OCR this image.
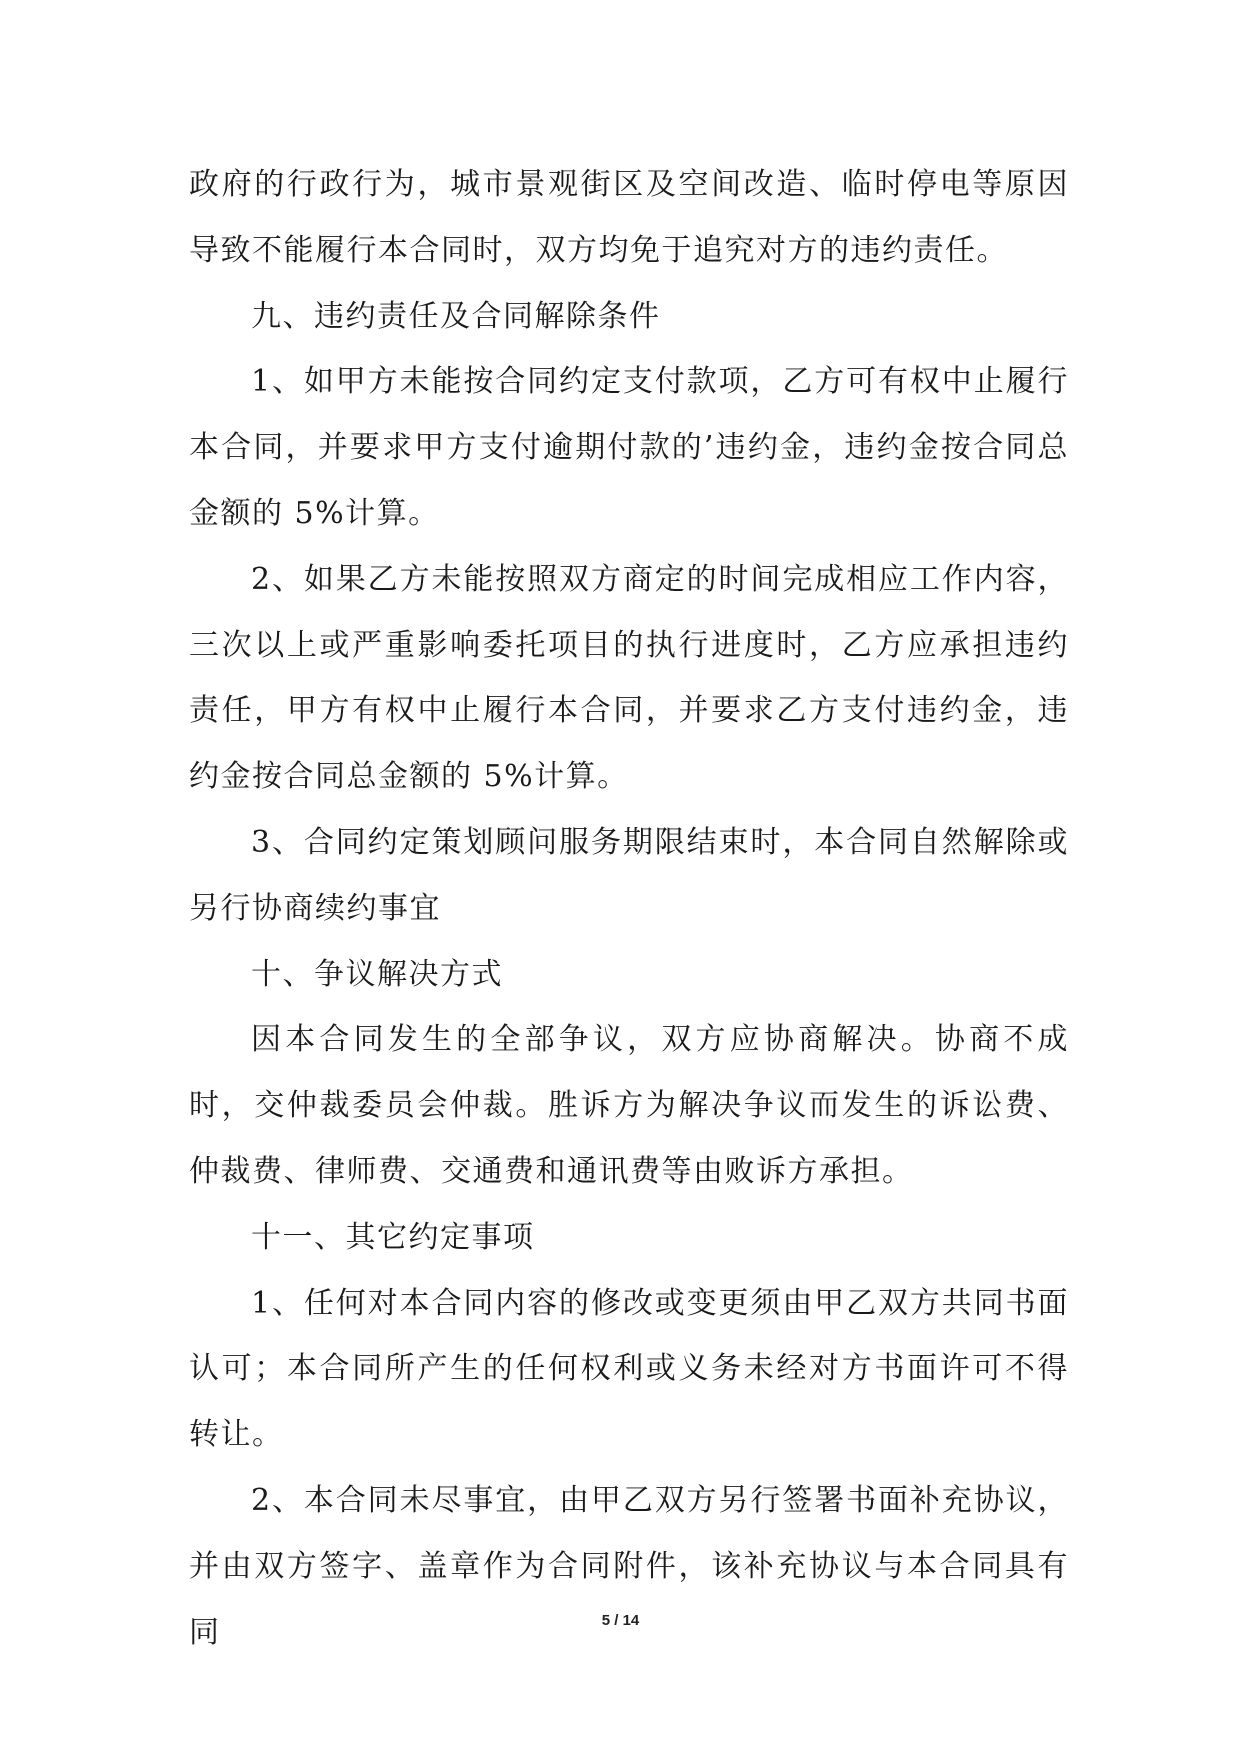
政府的行政行为，城市景观街区及空间改造、临时停电等原因导致不能履行本合同时，双方均免于追究对方的违约责任。

九、违约责任及合同解除条件

1、如甲方未能按合同约定支付款项，乙方可有权中止履行本合同，并要求甲方支付逾期付款的’违约金，违约金按合同总金额的 5%计算。

2、如果乙方未能按照双方商定的时间完成相应工作内容，三次以上或严重影响委托项目的执行进度时，乙方应承担违约责任，甲方有权中止履行本合同，并要求乙方支付违约金，违约金按合同总金额的 5%计算。

3、合同约定策划顾问服务期限结束时，本合同自然解除或另行协商续约事宜

十、争议解决方式

因本合同发生的全部争议，双方应协商解决。协商不成时，交仲裁委员会仲裁。胜诉方为解决争议而发生的诉讼费、仲裁费、律师费、交通费和通讯费等由败诉方承担。

十一、其它约定事项

1、任何对本合同内容的修改或变更须由甲乙双方共同书面认可；本合同所产生的任何权利或义务未经对方书面许可不得转让。

2、本合同未尽事宜，由甲乙双方另行签署书面补充协议，并由双方签字、盖章作为合同附件，该补充协议与本合同具有同	5 / 14
